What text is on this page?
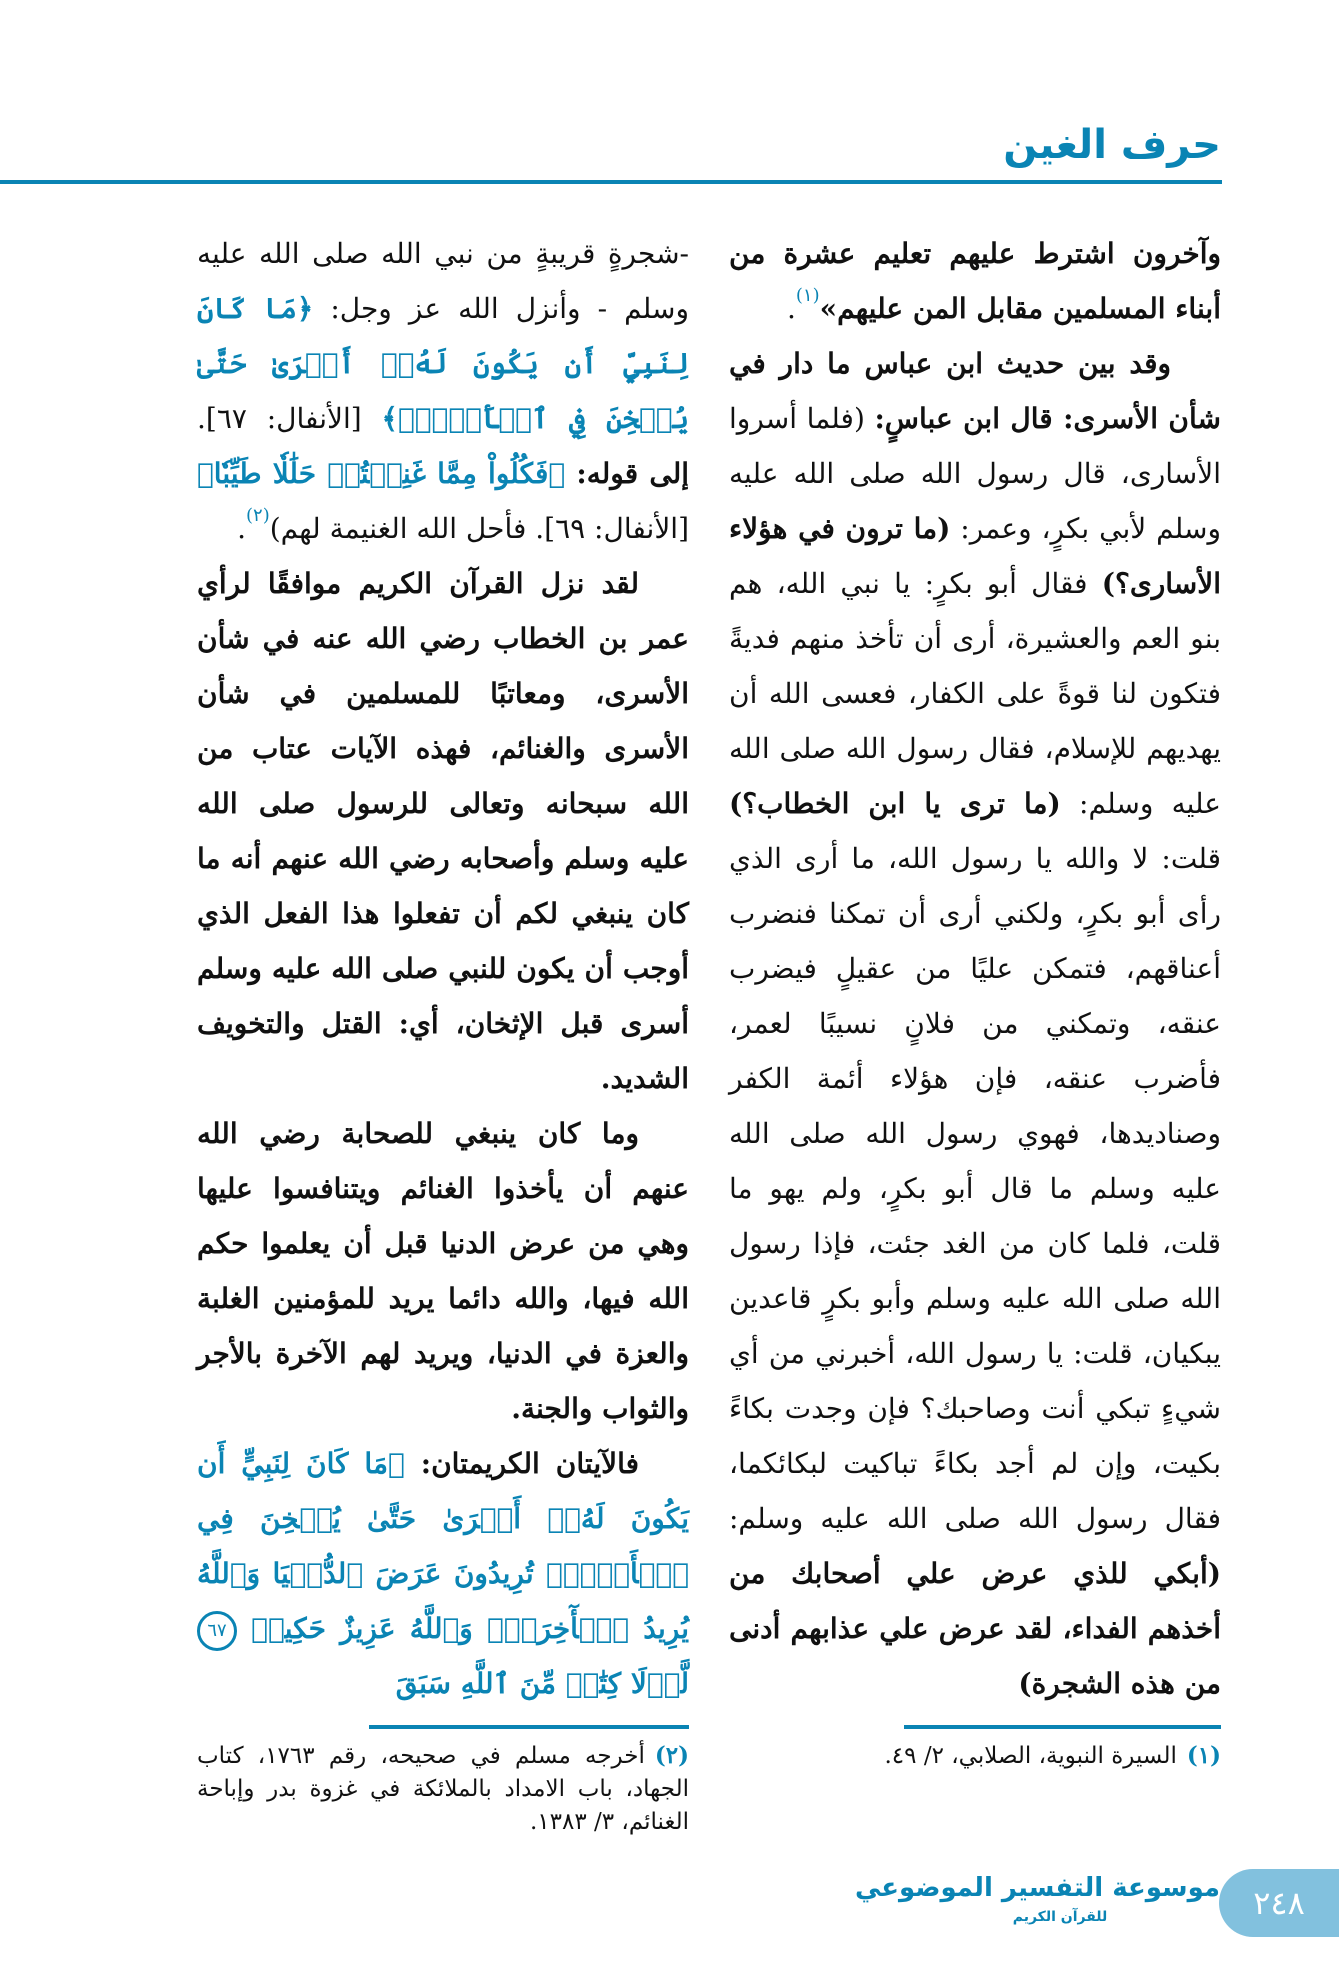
حرف الغين

وآخرون اشترط عليهم تعليم عشرة من أبناء المسلمين مقابل المن عليهم»$^{(١)}$.

وقد بين حديث ابن عباس ما دار في شأن الأسرى: قال ابن عباسٍ: (فلما أسروا الأسارى، قال رسول الله صلى الله عليه وسلم لأبي بكرٍ، وعمر: (ما ترون في هؤلاء الأسارى؟) فقال أبو بكرٍ: يا نبي الله، هم بنو العم والعشيرة، أرى أن تأخذ منهم فديةً فتكون لنا قوةً على الكفار، فعسى الله أن يهديهم للإسلام، فقال رسول الله صلى الله عليه وسلم: (ما ترى يا ابن الخطاب؟) قلت: لا والله يا رسول الله، ما أرى الذي رأى أبو بكرٍ، ولكني أرى أن تمكنا فنضرب أعناقهم، فتمكن عليًا من عقيلٍ فيضرب عنقه، وتمكني من فلانٍ نسيبًا لعمر، فأضرب عنقه، فإن هؤلاء أئمة الكفر وصناديدها، فهوي رسول الله صلى الله عليه وسلم ما قال أبو بكرٍ، ولم يهو ما قلت، فلما كان من الغد جئت، فإذا رسول الله صلى الله عليه وسلم وأبو بكرٍ قاعدين يبكيان، قلت: يا رسول الله، أخبرني من أي شيءٍ تبكي أنت وصاحبك؟ فإن وجدت بكاءً بكيت، وإن لم أجد بكاءً تباكيت لبكائكما، فقال رسول الله صلى الله عليه وسلم: (أبكي للذي عرض علي أصحابك من أخذهم الفداء، لقد عرض علي عذابهم أدنى من هذه الشجرة)

(١)السيرة النبوية، الصلابي، ٢/ ٤٩.

-شجرةٍ قريبةٍ من نبي الله صلى الله عليه وسلم - وأنزل الله عز وجل: ﴿مَا كَانَ لِنَبِيٍّ أَن يَكُونَ لَهُۥٓ أَسۡرَىٰ حَتَّىٰ يُثۡخِنَ فِي ٱلۡأَرۡضِۚ﴾ [الأنفال: ٦٧]. إلى قوله: ﴿فَكُلُواْ مِمَّا غَنِمۡتُمۡ حَلَٰلٗا طَيِّبٗا﴾ [الأنفال: ٦٩]. فأحل الله الغنيمة لهم)$^{(٢)}$.

لقد نزل القرآن الكريم موافقًا لرأي عمر بن الخطاب رضي الله عنه في شأن الأسرى، ومعاتبًا للمسلمين في شأن الأسرى والغنائم، فهذه الآيات عتاب من الله سبحانه وتعالى للرسول صلى الله عليه وسلم وأصحابه رضي الله عنهم أنه ما كان ينبغي لكم أن تفعلوا هذا الفعل الذي أوجب أن يكون للنبي صلى الله عليه وسلم أسرى قبل الإثخان، أي: القتل والتخويف الشديد.

وما كان ينبغي للصحابة رضي الله عنهم أن يأخذوا الغنائم ويتنافسوا عليها وهي من عرض الدنيا قبل أن يعلموا حكم الله فيها، والله دائما يريد للمؤمنين الغلبة والعزة في الدنيا، ويريد لهم الآخرة بالأجر والثواب والجنة.

فالآيتان الكريمتان: ﴿مَا كَانَ لِنَبِيٍّ أَن يَكُونَ لَهُۥٓ أَسۡرَىٰ حَتَّىٰ يُثۡخِنَ فِي ٱلۡأَرۡضِۚ تُرِيدُونَ عَرَضَ ٱلدُّنۡيَا وَٱللَّهُ يُرِيدُ ٱلۡأٓخِرَةَۗ وَٱللَّهُ عَزِيزٌ حَكِيمٞ ٦٧ لَّوۡلَا كِتَٰبٞ مِّنَ ٱللَّهِ سَبَقَ

(٢)أخرجه مسلم في صحيحه، رقم ١٧٦٣، كتاب الجهاد، باب الامداد بالملائكة في غزوة بدر وإباحة الغنائم، ٣/ ١٣٨٣.
موسوعة التفسير الموضوعي
للقرآن الكريم	٢٤٨
